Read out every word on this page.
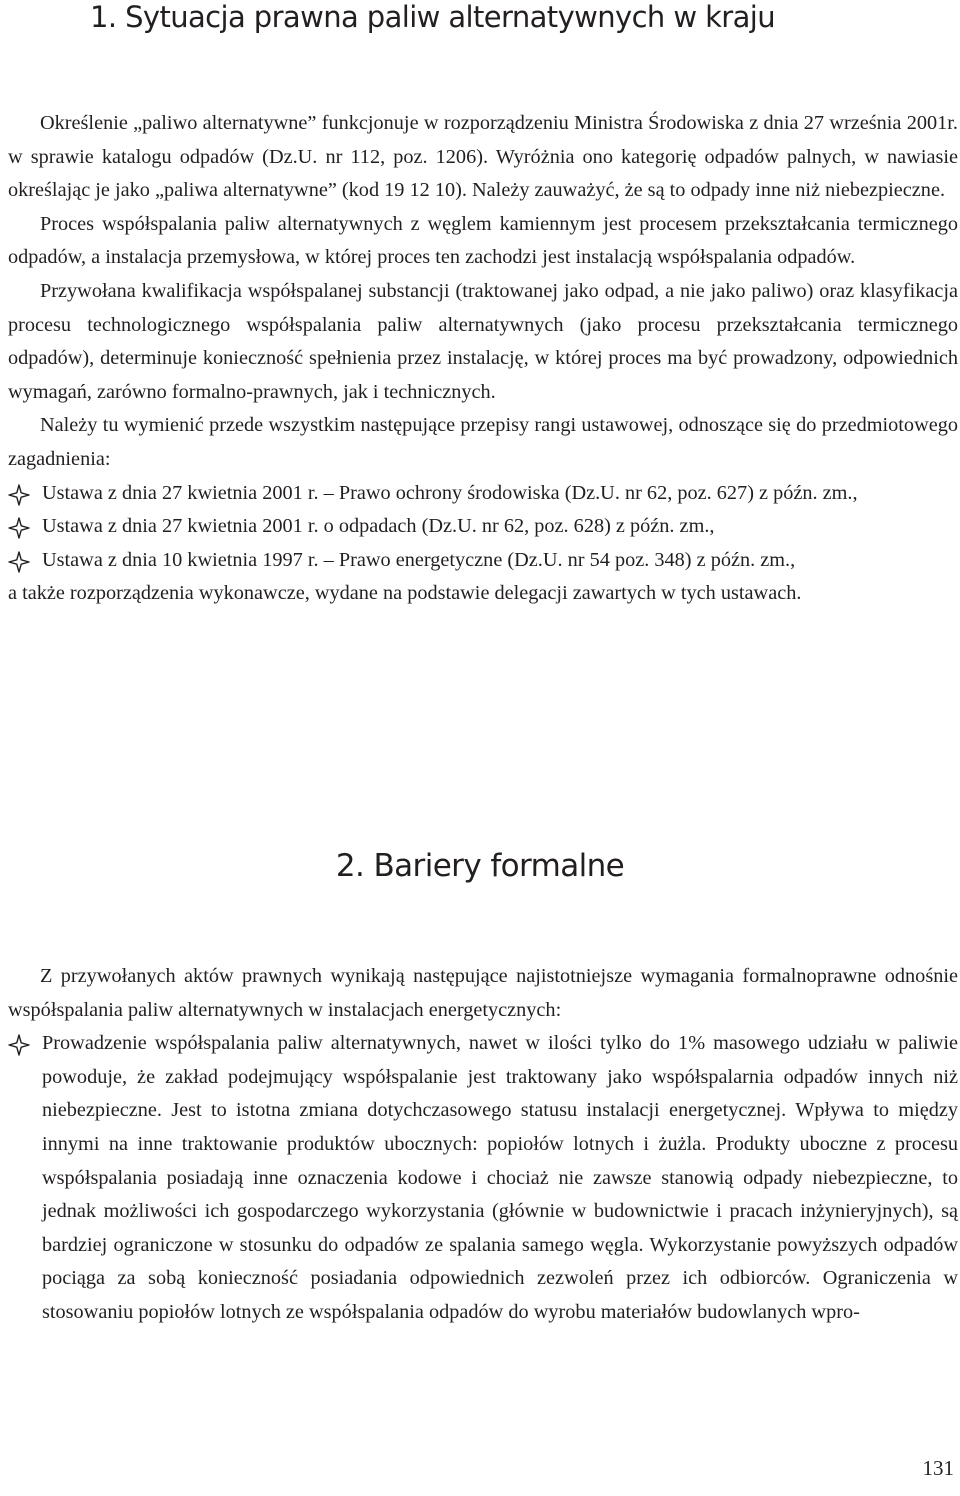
1. Sytuacja prawna paliw alternatywnych w kraju

Określenie „paliwo alternatywne” funkcjonuje w rozporządzeniu Ministra Środowiska z dnia 27 września 2001r. w sprawie katalogu odpadów (Dz.U. nr 112, poz. 1206). Wyróżnia ono kategorię odpadów palnych, w nawiasie określając je jako „paliwa alternatywne” (kod 19 12 10). Należy zauważyć, że są to odpady inne niż niebezpieczne.

Proces współspalania paliw alternatywnych z węglem kamiennym jest procesem przekształcania termicznego odpadów, a instalacja przemysłowa, w której proces ten zachodzi jest instalacją współspalania odpadów.

Przywołana kwalifikacja współspalanej substancji (traktowanej jako odpad, a nie jako paliwo) oraz klasyfikacja procesu technologicznego współspalania paliw alternatywnych (jako procesu przekształcania termicznego odpadów), determinuje konieczność spełnienia przez instalację, w której proces ma być prowadzony, odpowiednich wymagań, zarówno formalno-prawnych, jak i technicznych.

Należy tu wymienić przede wszystkim następujące przepisy rangi ustawowej, odnoszące się do przedmiotowego zagadnienia:

Ustawa z dnia 27 kwietnia 2001 r. – Prawo ochrony środowiska (Dz.U. nr 62, poz. 627) z późn. zm.,
Ustawa z dnia 27 kwietnia 2001 r. o odpadach (Dz.U. nr 62, poz. 628) z późn. zm.,
Ustawa z dnia 10 kwietnia 1997 r. – Prawo energetyczne (Dz.U. nr 54 poz. 348) z późn. zm.,

a także rozporządzenia wykonawcze, wydane na podstawie delegacji zawartych w tych ustawach.

2. Bariery formalne

Z przywołanych aktów prawnych wynikają następujące najistotniejsze wymagania formalnoprawne odnośnie współspalania paliw alternatywnych w instalacjach energetycznych:

Prowadzenie współspalania paliw alternatywnych, nawet w ilości tylko do 1% masowego udziału w paliwie powoduje, że zakład podejmujący współspalanie jest traktowany jako współspalarnia odpadów innych niż niebezpieczne. Jest to istotna zmiana dotychczasowego statusu instalacji energetycznej. Wpływa to między innymi na inne traktowanie produktów ubocznych: popiołów lotnych i żużla. Produkty uboczne z procesu współspalania posiadają inne oznaczenia kodowe i chociaż nie zawsze stanowią odpady niebezpieczne, to jednak możliwości ich gospodarczego wykorzystania (głównie w budownictwie i pracach inżynieryjnych), są bardziej ograniczone w stosunku do odpadów ze spalania samego węgla. Wykorzystanie powyższych odpadów pociąga za sobą konieczność posiadania odpowiednich zezwoleń przez ich odbiorców. Ograniczenia w stosowaniu popiołów lotnych ze współspalania odpadów do wyrobu materiałów budowlanych wpro-
131
